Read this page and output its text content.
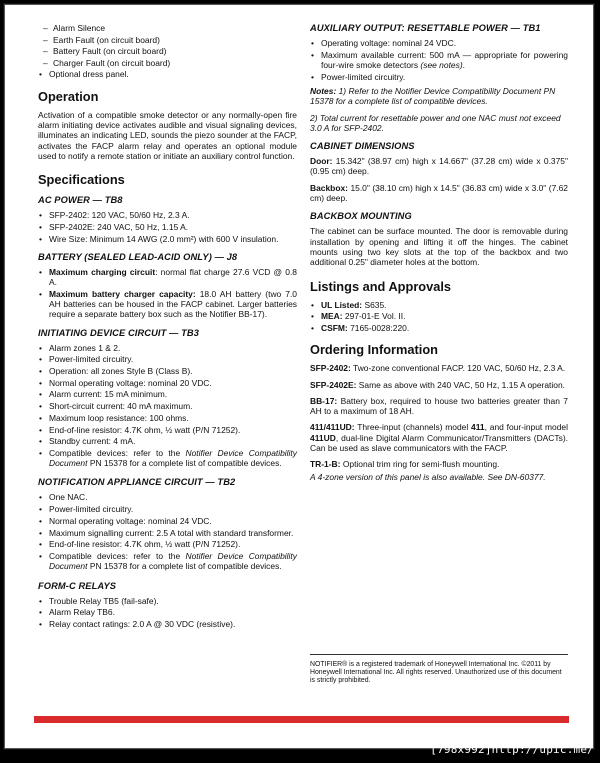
– Alarm Silence
– Earth Fault (on circuit board)
– Battery Fault (on circuit board)
– Charger Fault (on circuit board)
• Optional dress panel.
Operation

Activation of a compatible smoke detector or any normally-open fire alarm initiating device activates audible and visual signaling devices, illuminates an indicating LED, sounds the piezo sounder at the FACP, activates the FACP alarm relay and operates an optional module used to notify a remote station or initiate an auxiliary control function.

Specifications
AC POWER — TB8
• SFP-2402: 120 VAC, 50/60 Hz, 2.3 A.
• SFP-2402E: 240 VAC, 50 Hz, 1.15 A.
• Wire Size: Minimum 14 AWG (2.0 mm²) with 600 V insulation.
BATTERY (SEALED LEAD-ACID ONLY) — J8
• Maximum charging circuit: normal flat charge 27.6 VCD @ 0.8 A.
• Maximum battery charger capacity: 18.0 AH battery (two 7.0 AH batteries can be housed in the FACP cabinet. Larger batteries require a separate battery box such as the Notifier BB-17).
INITIATING DEVICE CIRCUIT — TB3
• Alarm zones 1 & 2.
• Power-limited circuitry.
• Operation: all zones Style B (Class B).
• Normal operating voltage: nominal 20 VDC.
• Alarm current: 15 mA minimum.
• Short-circuit current: 40 mA maximum.
• Maximum loop resistance: 100 ohms.
• End-of-line resistor: 4.7K ohm, ½ watt (P/N 71252).
• Standby current: 4 mA.
• Compatible devices: refer to the Notifier Device Compatibility Document PN 15378 for a complete list of compatible devices.
NOTIFICATION APPLIANCE CIRCUIT — TB2
• One NAC.
• Power-limited circuitry.
• Normal operating voltage: nominal 24 VDC.
• Maximum signalling current: 2.5 A total with standard transformer.
• End-of-line resistor: 4.7K ohm, ½ watt (P/N 71252).
• Compatible devices: refer to the Notifier Device Compatibility Document PN 15378 for a complete list of compatible devices.
FORM-C RELAYS
• Trouble Relay TB5 (fail-safe).
• Alarm Relay TB6.
• Relay contact ratings: 2.0 A @ 30 VDC (resistive).
AUXILIARY OUTPUT: RESETTABLE POWER — TB1
• Operating voltage: nominal 24 VDC.
• Maximum available current: 500 mA — appropriate for powering four-wire smoke detectors (see notes).
• Power-limited circuitry.

Notes: 1) Refer to the Notifier Device Compatibility Document PN 15378 for a complete list of compatible devices.

2) Total current for resettable power and one NAC must not exceed 3.0 A for SFP-2402.

CABINET DIMENSIONS

Door: 15.342" (38.97 cm) high x 14.667" (37.28 cm) wide x 0.375" (0.95 cm) deep.

Backbox: 15.0" (38.10 cm) high x 14.5" (36.83 cm) wide x 3.0" (7.62 cm) deep.

BACKBOX MOUNTING

The cabinet can be surface mounted. The door is removable during installation by opening and lifting it off the hinges. The cabinet mounts using two key slots at the top of the backbox and two additional 0.25" diameter holes at the bottom.

Listings and Approvals
• UL Listed: S635.
• MEA: 297-01-E Vol. II.
• CSFM: 7165-0028:220.
Ordering Information

SFP-2402: Two-zone conventional FACP. 120 VAC, 50/60 Hz, 2.3 A.

SFP-2402E: Same as above with 240 VAC, 50 Hz, 1.15 A operation.

BB-17: Battery box, required to house two batteries greater than 7 AH to a maximum of 18 AH.

411/411UD: Three-input (channels) model 411, and four-input model 411UD, dual-line Digital Alarm Communicator/Transmitters (DACTs). Can be used as slave communicators with the FACP.

TR-1-B: Optional trim ring for semi-flush mounting.

A 4-zone version of this panel is also available. See DN-60377.

NOTIFIER® is a registered trademark of Honeywell International Inc. ©2011 by Honeywell International Inc. All rights reserved. Unauthorized use of this document is strictly prohibited.
[798x992]http://upic.me/
